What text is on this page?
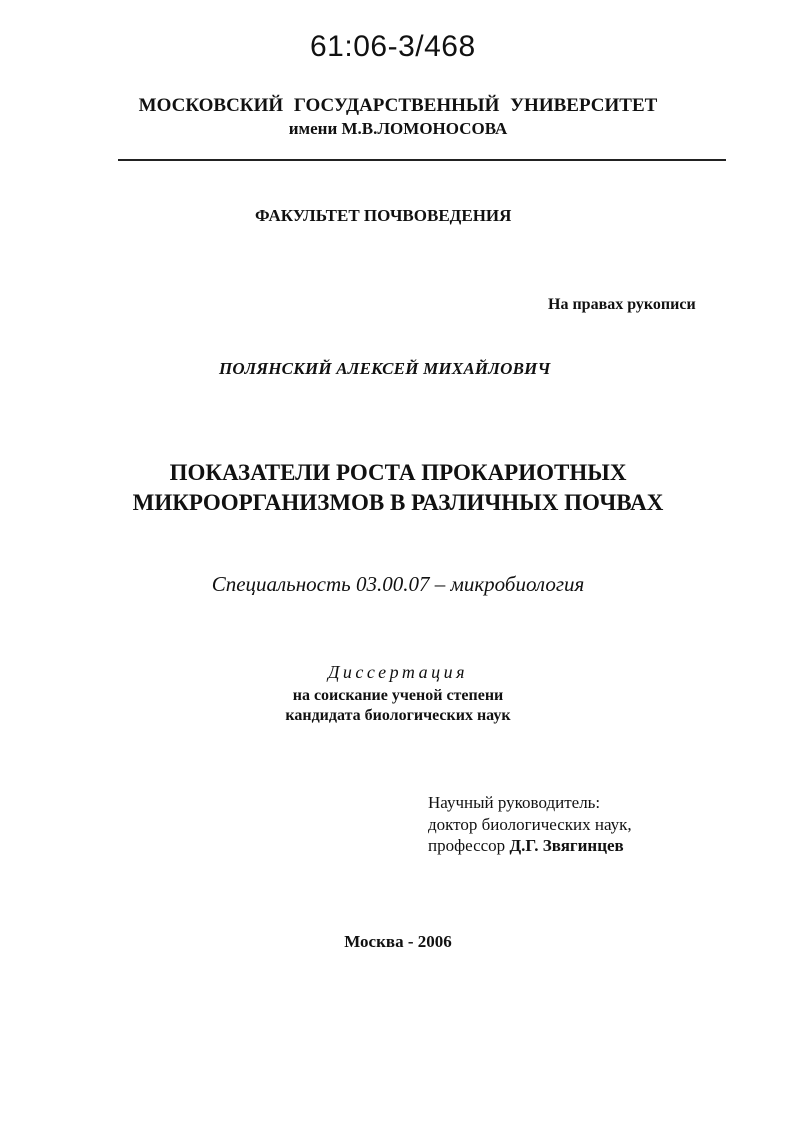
61:06-3/468
МОСКОВСКИЙ ГОСУДАРСТВЕННЫЙ УНИВЕРСИТЕТ
имени М.В.ЛОМОНОСОВА
ФАКУЛЬТЕТ ПОЧВОВЕДЕНИЯ
На правах рукописи
ПОЛЯНСКИЙ АЛЕКСЕЙ МИХАЙЛОВИЧ
ПОКАЗАТЕЛИ РОСТА ПРОКАРИОТНЫХ
МИКРООРГАНИЗМОВ В РАЗЛИЧНЫХ ПОЧВАХ
Специальность 03.00.07 – микробиология
Диссертация
на соискание ученой степени
кандидата биологических наук
Научный руководитель:
доктор биологических наук,
профессор Д.Г. Звягинцев
Москва - 2006
